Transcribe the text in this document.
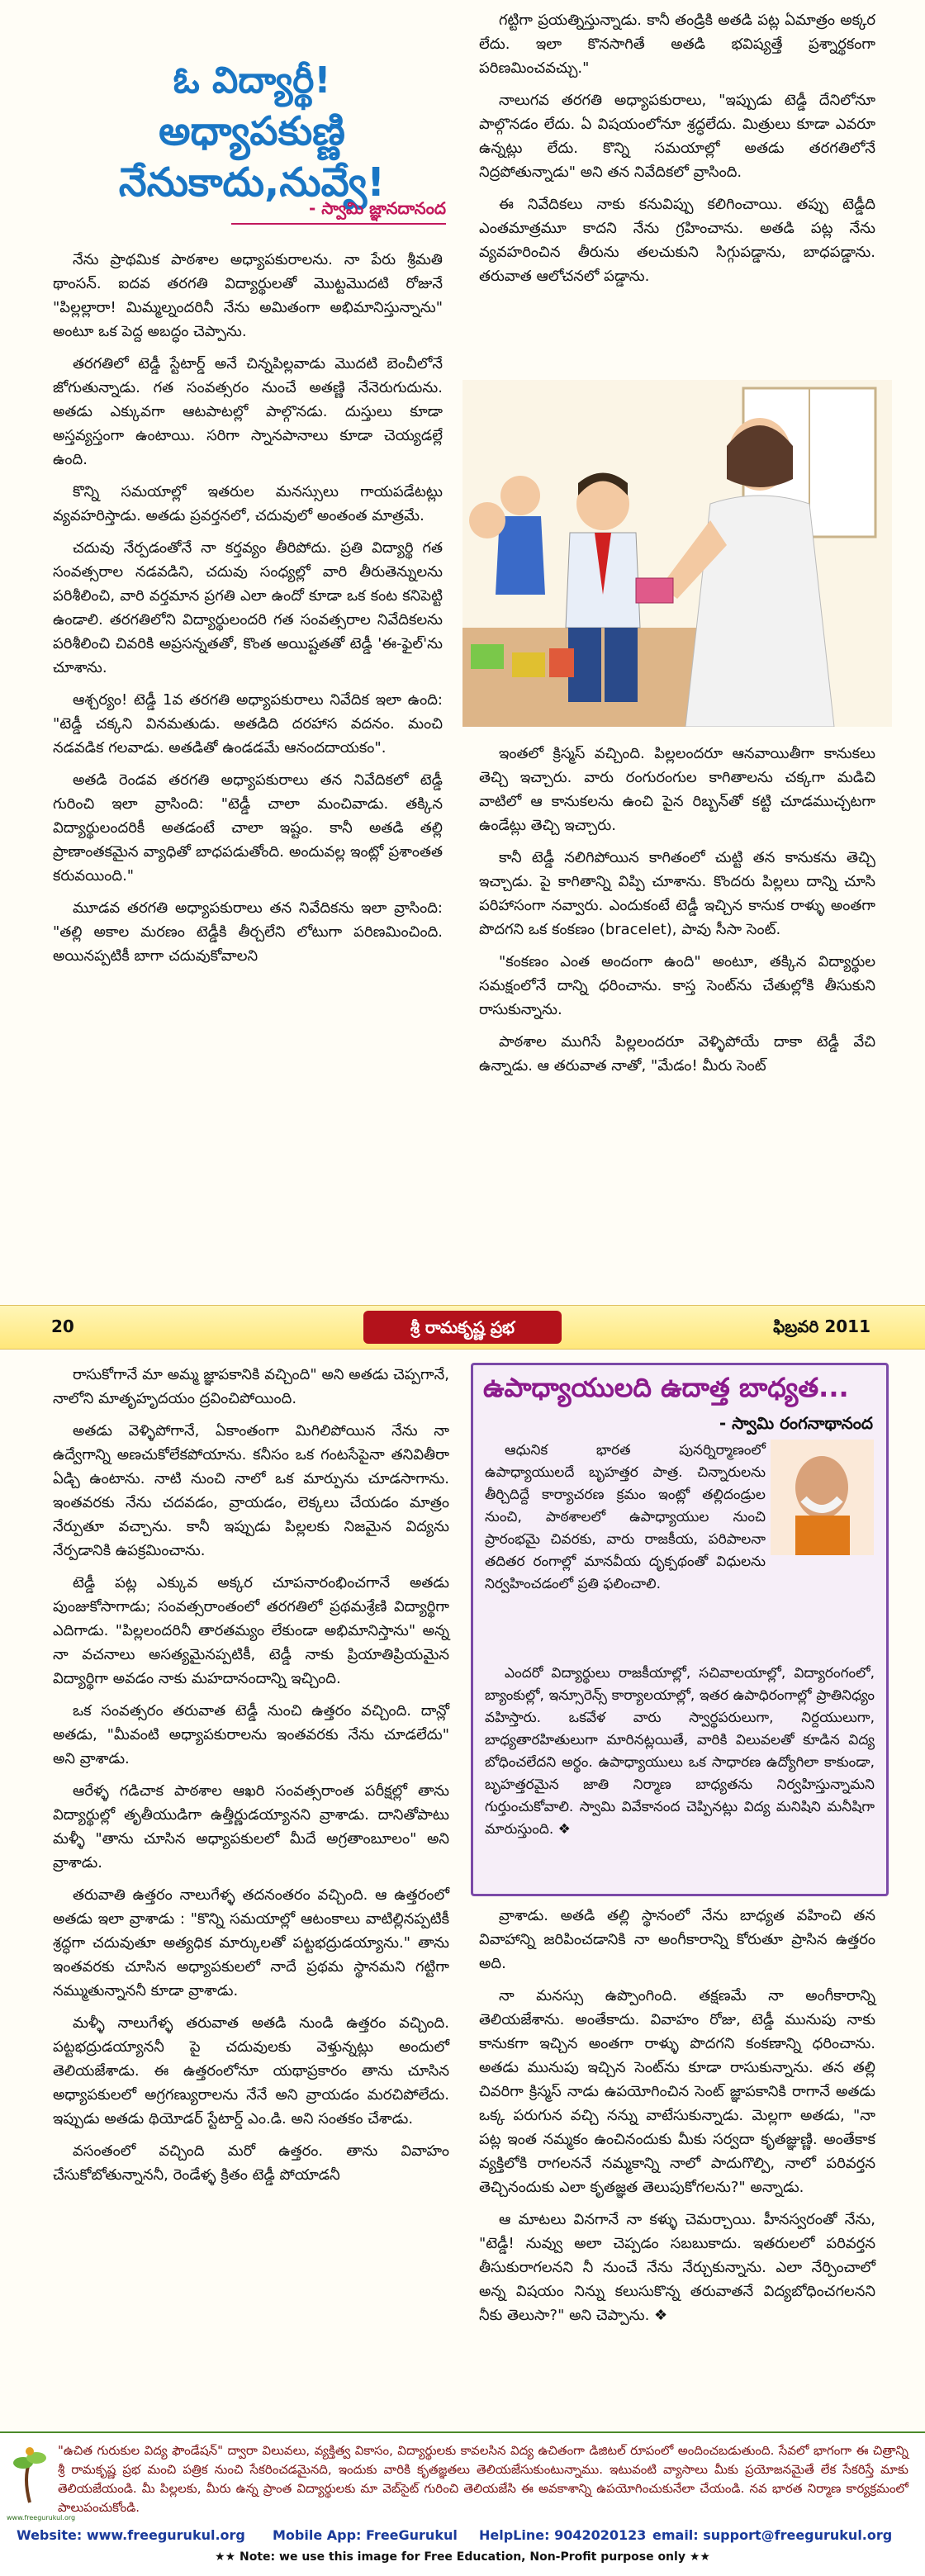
ఓ విద్యార్థీ!
అధ్యాపకుణ్ణి నేనుకాదు,నువ్వే!
- స్వామి జ్ఞానదానంద

నేను ప్రాథమిక పాఠశాల అధ్యాపకురాలను. నా పేరు శ్రీమతి థాంసన్. ఐదవ తరగతి విద్యార్థులతో మొట్టమొదటి రోజునే "పిల్లల్లారా! మిమ్మల్నందరినీ నేను అమితంగా అభిమానిస్తున్నాను" అంటూ ఒక పెద్ద అబద్ధం చెప్పాను.

తరగతిలో టెడ్డీ స్టేటార్డ్ అనే చిన్నపిల్లవాడు మొదటి బెంచీలోనే జోగుతున్నాడు. గత సంవత్సరం నుంచే అతణ్ణి నేనెరుగుదును. అతడు ఎక్కువగా ఆటపాటల్లో పాల్గొనడు. దుస్తులు కూడా అస్తవ్యస్తంగా ఉంటాయి. సరిగా స్నానపానాలు కూడా చెయ్యడల్లే ఉంది.

కొన్ని సమయాల్లో ఇతరుల మనస్సులు గాయపడేటట్లు వ్యవహరిస్తాడు. అతడు ప్రవర్తనలో, చదువులో అంతంత మాత్రమే.

చదువు నేర్పడంతోనే నా కర్తవ్యం తీరిపోదు. ప్రతి విద్యార్థి గత సంవత్సరాల నడవడిని, చదువు సంధ్యల్లో వారి తీరుతెన్నులను పరిశీలించి, వారి వర్తమాన ప్రగతి ఎలా ఉందో కూడా ఒక కంట కనిపెట్టి ఉండాలి. తరగతిలోని విద్యార్థులందరి గత సంవత్సరాల నివేదికలను పరిశీలించి చివరికి అప్రసన్నతతో, కొంత అయిష్టతతో టెడ్డీ 'ఈ-ఫైల్'ను చూశాను.

ఆశ్చర్యం! టెడ్డీ 1వ తరగతి అధ్యాపకురాలు నివేదిక ఇలా ఉంది: "టెడ్డీ చక్కని వినమతుడు. అతడిది దరహాస వదనం. మంచి నడవడిక గలవాడు. అతడితో ఉండడమే ఆనందదాయకం".

అతడి రెండవ తరగతి అధ్యాపకురాలు తన నివేదికలో టెడ్డీ గురించి ఇలా వ్రాసింది: "టెడ్డీ చాలా మంచివాడు. తక్కిన విద్యార్థులందరికీ అతడంటే చాలా ఇష్టం. కానీ అతడి తల్లి ప్రాణాంతకమైన వ్యాధితో బాధపడుతోంది. అందువల్ల ఇంట్లో ప్రశాంతత కరువయింది."

మూడవ తరగతి అధ్యాపకురాలు తన నివేదికను ఇలా వ్రాసింది: "తల్లి అకాల మరణం టెడ్డీకి తీర్చలేని లోటుగా పరిణమించింది. అయినప్పటికీ బాగా చదువుకోవాలని

గట్టిగా ప్రయత్నిస్తున్నాడు. కానీ తండ్రికి అతడి పట్ల ఏమాత్రం అక్కర లేదు. ఇలా కొనసాగితే అతడి భవిష్యత్తే ప్రశ్నార్థకంగా పరిణమించవచ్చు."

నాలుగవ తరగతి అధ్యాపకురాలు, "ఇప్పుడు టెడ్డీ దేనిలోనూ పాల్గొనడం లేదు. ఏ విషయంలోనూ శ్రద్ధలేదు. మిత్రులు కూడా ఎవరూ ఉన్నట్లు లేదు. కొన్ని సమయాల్లో అతడు తరగతిలోనే నిద్రపోతున్నాడు" అని తన నివేదికలో వ్రాసింది.

ఈ నివేదికలు నాకు కనువిప్పు కలిగించాయి. తప్పు టెడ్డీది ఎంతమాత్రమూ కాదని నేను గ్రహించాను. అతడి పట్ల నేను వ్యవహరించిన తీరును తలచుకుని సిగ్గుపడ్డాను, బాధపడ్డాను. తరువాత ఆలోచనలో పడ్డాను.

ఇంతలో క్రిస్మస్ వచ్చింది. పిల్లలందరూ ఆనవాయితీగా కానుకలు తెచ్చి ఇచ్చారు. వారు రంగురంగుల కాగితాలను చక్కగా మడిచి వాటిలో ఆ కానుకలను ఉంచి పైన రిబ్బన్‌తో కట్టి చూడముచ్చటగా ఉండేట్లు తెచ్చి ఇచ్చారు.

కానీ టెడ్డీ నలిగిపోయిన కాగితంలో చుట్టి తన కానుకను తెచ్చి ఇచ్చాడు. పై కాగితాన్ని విప్పి చూశాను. కొందరు పిల్లలు దాన్ని చూసి పరిహాసంగా నవ్వారు. ఎందుకంటే టెడ్డీ ఇచ్చిన కానుక రాళ్ళు అంతగా పొదగని ఒక కంకణం (bracelet), పావు సీసా సెంట్.

"కంకణం ఎంత అందంగా ఉంది" అంటూ, తక్కిన విద్యార్థుల సమక్షంలోనే దాన్ని ధరించాను. కాస్త సెంట్‌ను చేతుల్లోకి తీసుకుని రాసుకున్నాను.

పాఠశాల ముగిసే పిల్లలందరూ వెళ్ళిపోయే దాకా టెడ్డీ వేచి ఉన్నాడు. ఆ తరువాత నాతో, "మేడం! మీరు సెంట్

20	శ్రీ రామకృష్ణ ప్రభ	ఫిబ్రవరి 2011

రాసుకోగానే మా అమ్మ జ్ఞాపకానికి వచ్చింది" అని అతడు చెప్పగానే, నాలోని మాతృహృదయం ద్రవించిపోయింది.

అతడు వెళ్ళిపోగానే, ఏకాంతంగా మిగిలిపోయిన నేను నా ఉద్వేగాన్ని అణచుకోలేకపోయాను. కనీసం ఒక గంటసేపైనా తనివితీరా ఏడ్చి ఉంటాను. నాటి నుంచి నాలో ఒక మార్పును చూడసాగాను. ఇంతవరకు నేను చదవడం, వ్రాయడం, లెక్కలు చేయడం మాత్రం నేర్పుతూ వచ్చాను. కానీ ఇప్పుడు పిల్లలకు నిజమైన విద్యను నేర్పడానికి ఉపక్రమించాను.

టెడ్డీ పట్ల ఎక్కువ అక్కర చూపనారంభించగానే అతడు పుంజుకోసాగాడు; సంవత్సరాంతంలో తరగతిలో ప్రథమశ్రేణి విద్యార్థిగా ఎదిగాడు. "పిల్లలందరినీ తారతమ్యం లేకుండా అభిమానిస్తాను" అన్న నా వచనాలు అసత్యమైనప్పటికీ, టెడ్డీ నాకు ప్రియాతిప్రియమైన విద్యార్థిగా అవడం నాకు మహదానందాన్ని ఇచ్చింది.

ఒక సంవత్సరం తరువాత టెడ్డీ నుంచి ఉత్తరం వచ్చింది. దాన్లో అతడు, "మీవంటి అధ్యాపకురాలను ఇంతవరకు నేను చూడలేదు" అని వ్రాశాడు.

ఆరేళ్ళ గడిచాక పాఠశాల ఆఖరి సంవత్సరాంత పరీక్షల్లో తాను విద్యార్థుల్లో తృతీయుడిగా ఉత్తీర్ణుడయ్యానని వ్రాశాడు. దానితోపాటు మళ్ళీ "తాను చూసిన అధ్యాపకులలో మీదే అగ్రతాంబూలం" అని వ్రాశాడు.

తరువాతి ఉత్తరం నాలుగేళ్ళ తదనంతరం వచ్చింది. ఆ ఉత్తరంలో అతడు ఇలా వ్రాశాడు : "కొన్ని సమయాల్లో ఆటంకాలు వాటిల్లినప్పటికీ శ్రద్ధగా చదువుతూ అత్యధిక మార్కులతో పట్టభద్రుడయ్యాను." తాను ఇంతవరకు చూసిన అధ్యాపకులలో నాదే ప్రథమ స్థానమని గట్టిగా నమ్ముతున్నాననీ కూడా వ్రాశాడు.

మళ్ళీ నాలుగేళ్ళ తరువాత అతడి నుండి ఉత్తరం వచ్చింది. పట్టభద్రుడయ్యాననీ పై చదువులకు వెళ్తున్నట్లు అందులో తెలియజేశాడు. ఈ ఉత్తరంలోనూ యథాప్రకారం తాను చూసిన అధ్యాపకులలో అగ్రగణ్యురాలను నేనే అని వ్రాయడం మరచిపోలేదు. ఇప్పుడు అతడు థియోడర్ స్టేటార్డ్ ఎం.డి. అని సంతకం చేశాడు.

వసంతంలో వచ్చింది మరో ఉత్తరం. తాను వివాహం చేసుకోబోతున్నాననీ, రెండేళ్ళ క్రితం టెడ్డీ పోయాడనీ

ఉపాధ్యాయులది ఉదాత్త బాధ్యత...
- స్వామి రంగనాథానంద

ఆధునిక భారత పునర్నిర్మాణంలో ఉపాధ్యాయులదే బృహత్తర పాత్ర. చిన్నారులను తీర్చిదిద్దే కార్యాచరణ క్రమం ఇంట్లో తల్లిదండ్రుల నుంచి, పాఠశాలలో ఉపాధ్యాయుల నుంచి ప్రారంభమై చివరకు, వారు రాజకీయ, పరిపాలనా తదితర రంగాల్లో మానవీయ దృక్పథంతో విధులను నిర్వహించడంలో ప్రతి ఫలించాలి.

ఎందరో విద్యార్థులు రాజకీయాల్లో, సచివాలయాల్లో, విద్యారంగంలో, బ్యాంకుల్లో, ఇన్సూరెన్స్ కార్యాలయాల్లో, ఇతర ఉపాధిరంగాల్లో ప్రాతినిధ్యం వహిస్తారు. ఒకవేళ వారు స్వార్థపరులుగా, నిర్దయులుగా, బాధ్యతారహితులుగా మారినట్లయితే, వారికి విలువలతో కూడిన విద్య బోధించలేదని అర్థం. ఉపాధ్యాయులు ఒక సాధారణ ఉద్యోగిలా కాకుండా, బృహత్తరమైన జాతి నిర్మాణ బాధ్యతను నిర్వహిస్తున్నామని గుర్తుంచుకోవాలి. స్వామి వివేకానంద చెప్పినట్లు విద్య మనిషిని మనీషిగా మారుస్తుంది. ❖

వ్రాశాడు. అతడి తల్లి స్థానంలో నేను బాధ్యత వహించి తన వివాహాన్ని జరిపించడానికి నా అంగీకారాన్ని కోరుతూ ప్రాసిన ఉత్తరం అది.

నా మనస్సు ఉప్పొంగింది. తక్షణమే నా అంగీకారాన్ని తెలియజేశాను. అంతేకాదు. వివాహం రోజు, టెడ్డీ మునుపు నాకు కానుకగా ఇచ్చిన అంతగా రాళ్ళు పొదగని కంకణాన్ని ధరించాను. అతడు మునుపు ఇచ్చిన సెంట్‌ను కూడా రాసుకున్నాను. తన తల్లి చివరిగా క్రిస్మస్ నాడు ఉపయోగించిన సెంట్ జ్ఞాపకానికి రాగానే అతడు ఒక్క పరుగున వచ్చి నన్ను వాటేసుకున్నాడు. మెల్లగా అతడు, "నా పట్ల ఇంత నమ్మకం ఉంచినందుకు మీకు సర్వదా కృతజ్ఞుణ్ణి. అంతేకాక వ్యక్తిలోకి రాగలననే నమ్మకాన్ని నాలో పాదుగొల్పి, నాలో పరివర్తన తెచ్చినందుకు ఎలా కృతజ్ఞత తెలుపుకోగలను?" అన్నాడు.

ఆ మాటలు వినగానే నా కళ్ళు చెమర్చాయి. హీనస్వరంతో నేను, "టెడ్డీ! నువ్వు అలా చెప్పడం సబబుకాదు. ఇతరులలో పరివర్తన తీసుకురాగలనని నీ నుంచే నేను నేర్చుకున్నాను. ఎలా నేర్పించాలో అన్న విషయం నిన్ను కలుసుకొన్న తరువాతనే విద్యబోధించగలనని నీకు తెలుసా?" అని చెప్పాను. ❖

www.freegurukul.org
"ఉచిత గురుకుల విద్య ఫౌండేషన్" ద్వారా విలువలు, వ్యక్తిత్వ వికాసం, విద్యార్థులకు కావలసిన విద్య ఉచితంగా డిజిటల్ రూపంలో అందించబడుతుంది. సేవలో భాగంగా ఈ చిత్రాన్ని శ్రీ రామకృష్ణ ప్రభ మంచి పత్రిక నుంచి సేకరించడమైనది, ఇందుకు వారికి కృతజ్ఞతలు తెలియజేసుకుంటున్నాము. ఇటువంటి వ్యాసాలు మీకు ప్రయోజనమైతే లేక సేకరిస్తే మాకు తెలియజేయండి. మీ పిల్లలకు, మీరు ఉన్న ప్రాంత విద్యార్థులకు మా వెబ్‌సైట్ గురించి తెలియజేసి ఈ అవకాశాన్ని ఉపయోగించుకునేలా చేయండి. నవ భారత నిర్మాణ కార్యక్రమంలో పాలుపంచుకోండి.
Website: www.freegurukul.org Mobile App: FreeGurukul HelpLine: 9042020123 email: support@freegurukul.org
★★ Note: we use this image for Free Education, Non-Profit purpose only ★★
